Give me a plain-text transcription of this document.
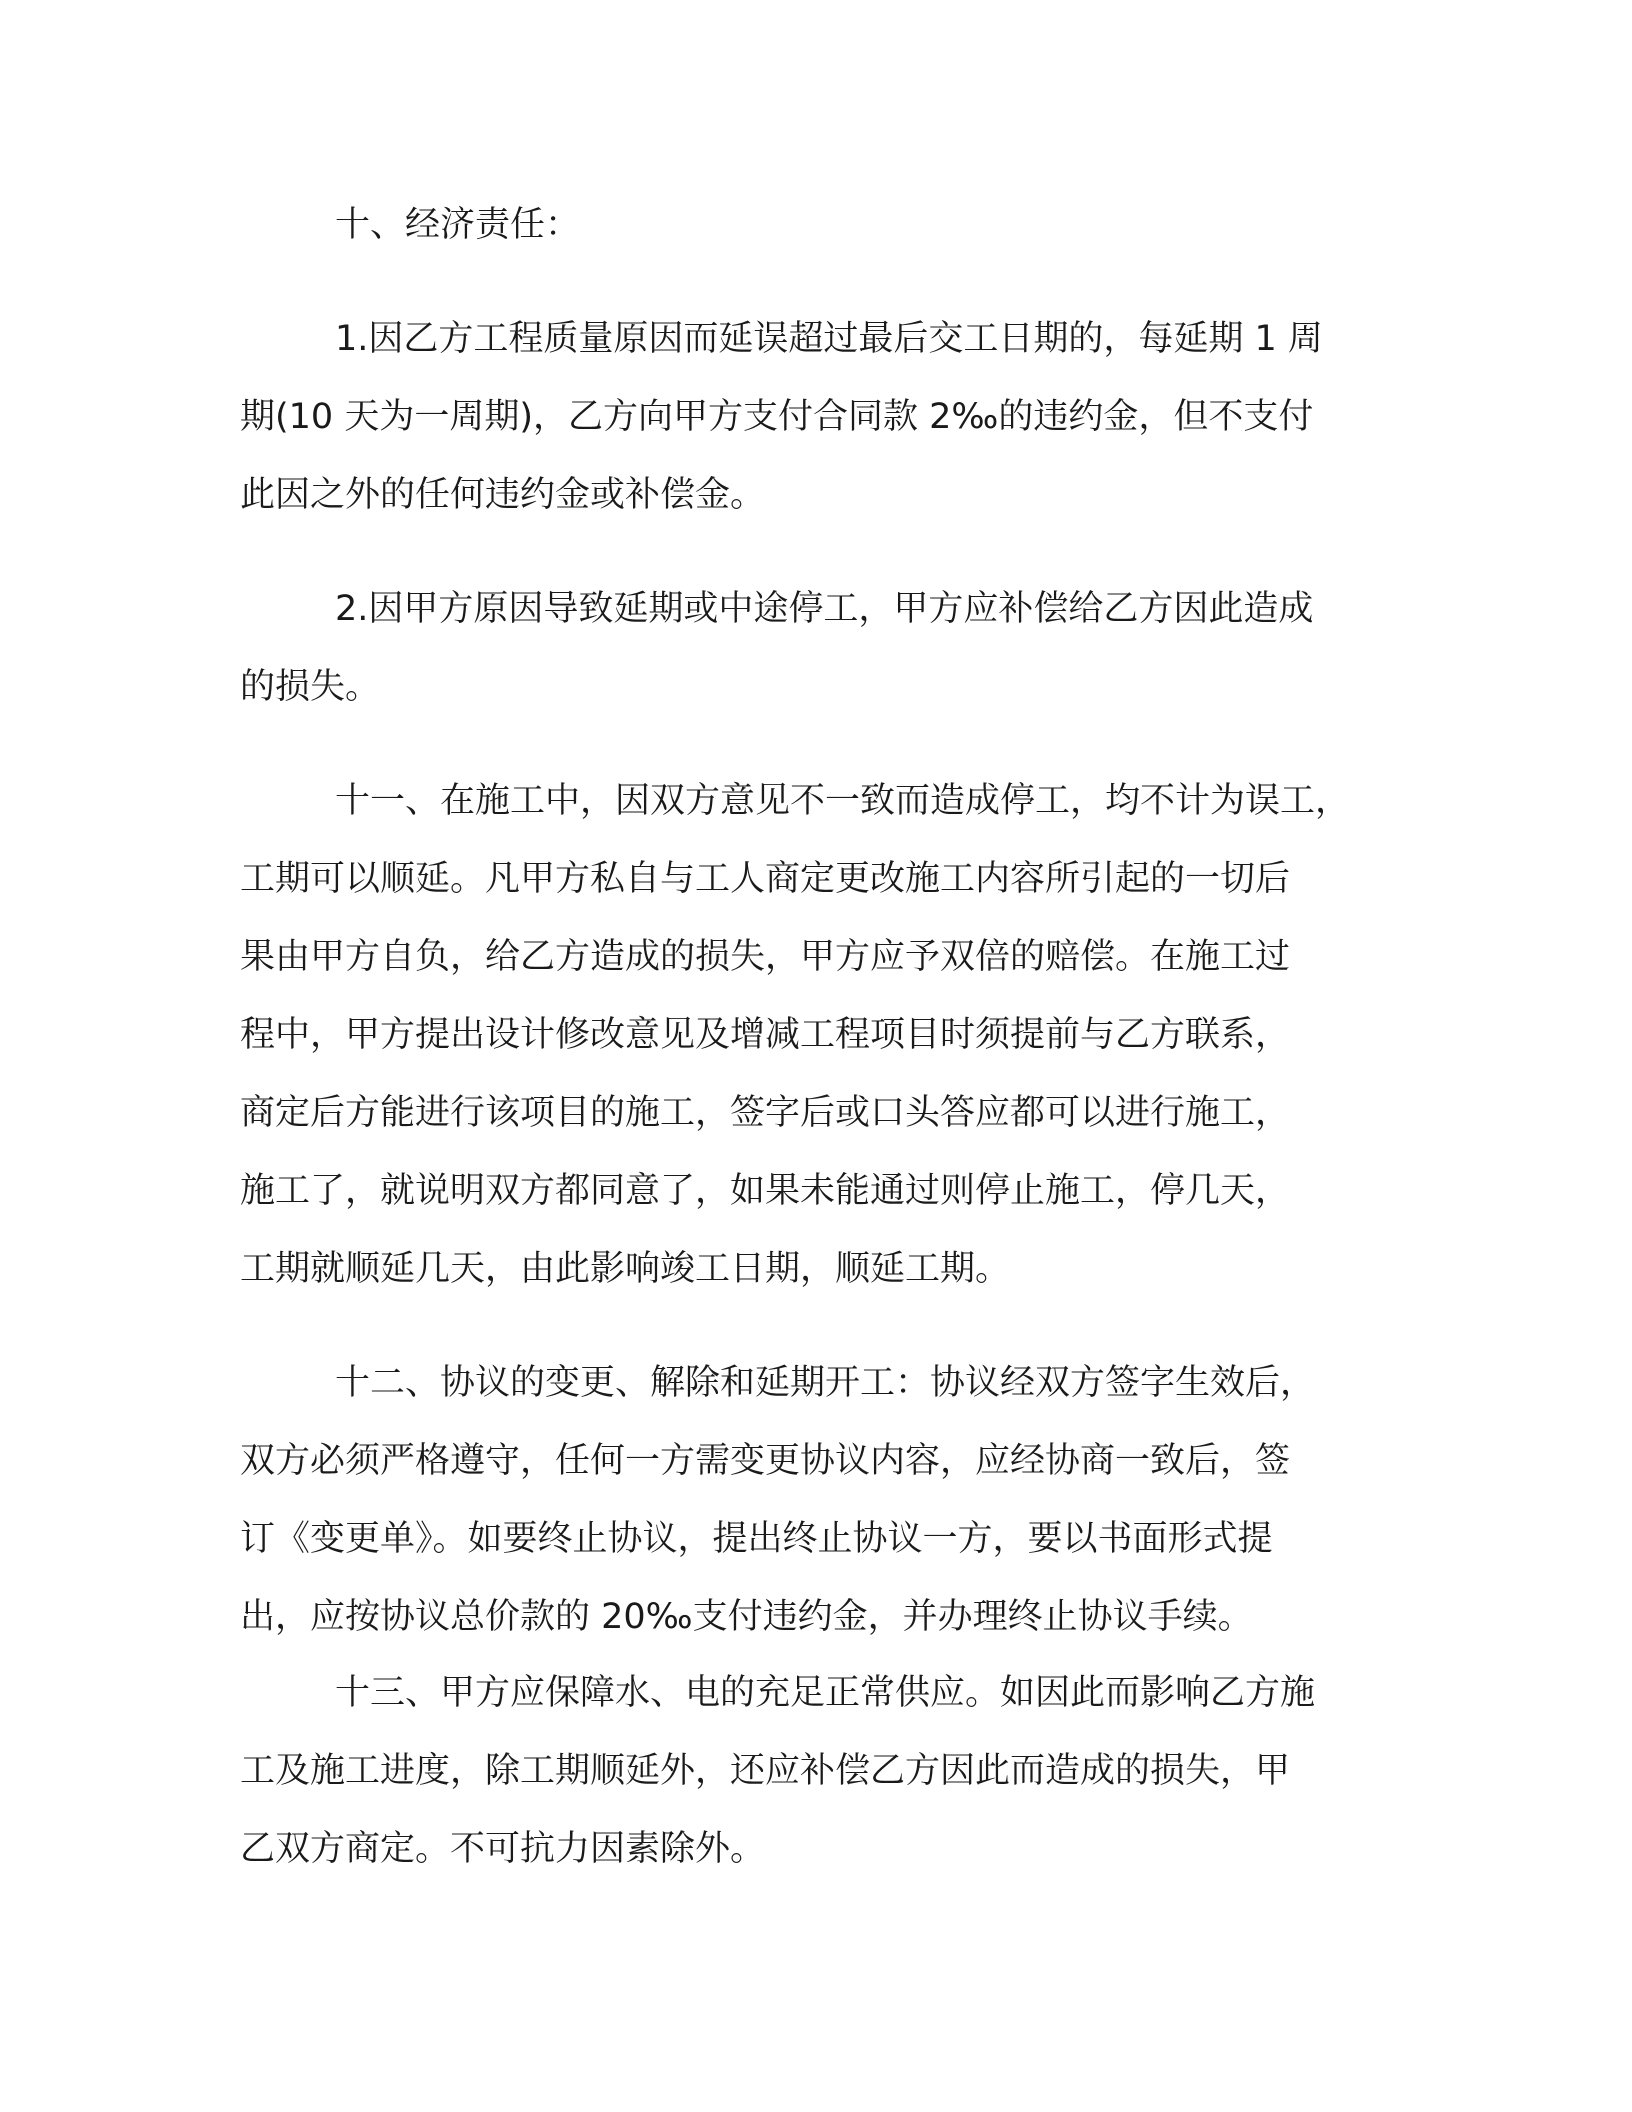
十、经济责任：
1.因乙方工程质量原因而延误超过最后交工日期的，每延期 1 周
期(10 天为一周期)，乙方向甲方支付合同款 2‰的违约金，但不支付
此因之外的任何违约金或补偿金。
2.因甲方原因导致延期或中途停工，甲方应补偿给乙方因此造成
的损失。
十一、在施工中，因双方意见不一致而造成停工，均不计为误工，
工期可以顺延。凡甲方私自与工人商定更改施工内容所引起的一切后
果由甲方自负，给乙方造成的损失，甲方应予双倍的赔偿。在施工过
程中，甲方提出设计修改意见及增减工程项目时须提前与乙方联系，
商定后方能进行该项目的施工，签字后或口头答应都可以进行施工，
施工了，就说明双方都同意了，如果未能通过则停止施工，停几天，
工期就顺延几天，由此影响竣工日期，顺延工期。
十二、协议的变更、解除和延期开工：协议经双方签字生效后，
双方必须严格遵守，任何一方需变更协议内容，应经协商一致后，签
订《变更单》。如要终止协议，提出终止协议一方，要以书面形式提
出，应按协议总价款的 20‰支付违约金，并办理终止协议手续。
十三、甲方应保障水、电的充足正常供应。如因此而影响乙方施
工及施工进度，除工期顺延外，还应补偿乙方因此而造成的损失，甲
乙双方商定。不可抗力因素除外。
